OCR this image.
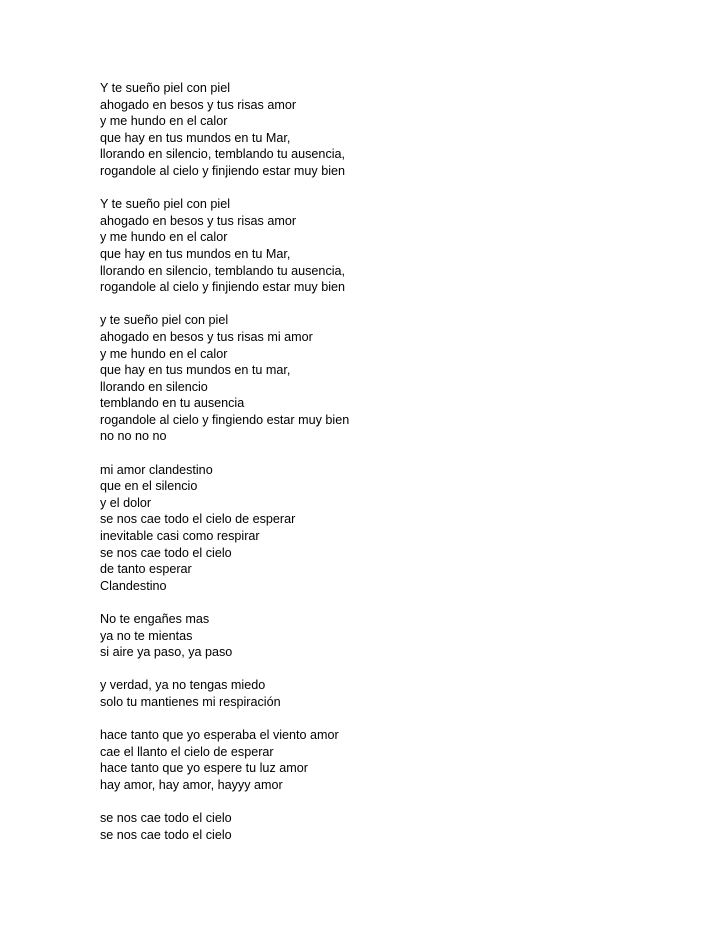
Y te sueño piel con piel
ahogado en besos y tus risas amor
y me hundo en el calor
que hay en tus mundos en tu Mar,
llorando en silencio, temblando tu ausencia,
rogandole al cielo y finjiendo estar muy bien
Y te sueño piel con piel
ahogado en besos y tus risas amor
y me hundo en el calor
que hay en tus mundos en tu Mar,
llorando en silencio, temblando tu ausencia,
rogandole al cielo y finjiendo estar muy bien
y te sueño piel con piel
ahogado en besos y tus risas mi amor
y me hundo en el calor
que hay en tus mundos en tu mar,
llorando en silencio
temblando en tu ausencia
rogandole al cielo y fingiendo estar muy bien
no no no no
mi amor clandestino
que en el silencio
y el dolor
se nos cae todo el cielo de esperar
inevitable casi como respirar
se nos cae todo el cielo
de tanto esperar
Clandestino
No te engañes mas
ya no te mientas
si aire ya paso, ya paso
y verdad, ya no tengas miedo
solo tu mantienes mi respiración
hace tanto que yo esperaba el viento amor
cae el llanto el cielo de esperar
hace tanto que yo espere tu luz amor
hay amor, hay amor, hayyy amor
se nos cae todo el cielo
se nos cae todo el cielo
